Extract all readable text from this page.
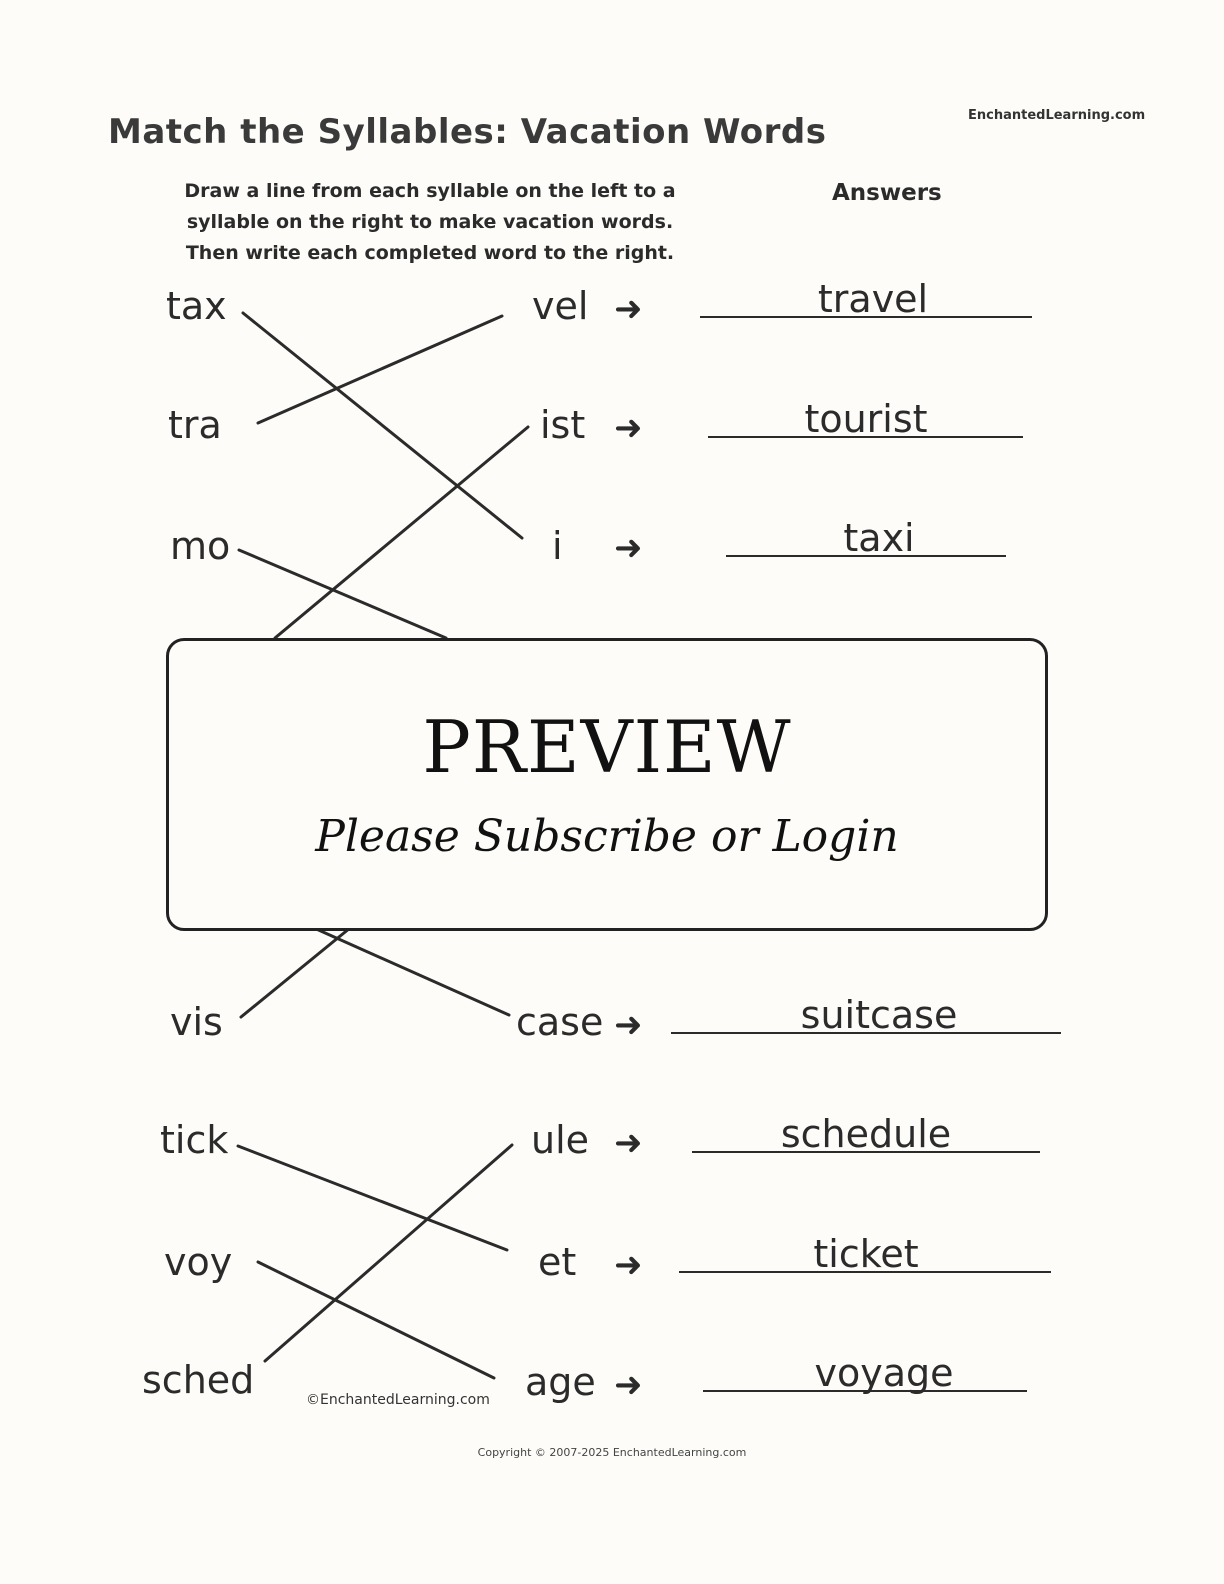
Match the Syllables: Vacation Words	EnchantedLearning.com
Draw a line from each syllable on the left to a
syllable on the right to make vacation words.
Then write each completed word to the right.
Answers
tax
tra
mo
vis
tick
voy
sched
vel
ist
i
case
ule
et
age
➜
➜
➜
➜
➜
➜
➜
travel
tourist
taxi
suitcase
schedule
ticket
voyage
PREVIEW
Please Subscribe or Login
©EnchantedLearning.com
Copyright © 2007-2025 EnchantedLearning.com
